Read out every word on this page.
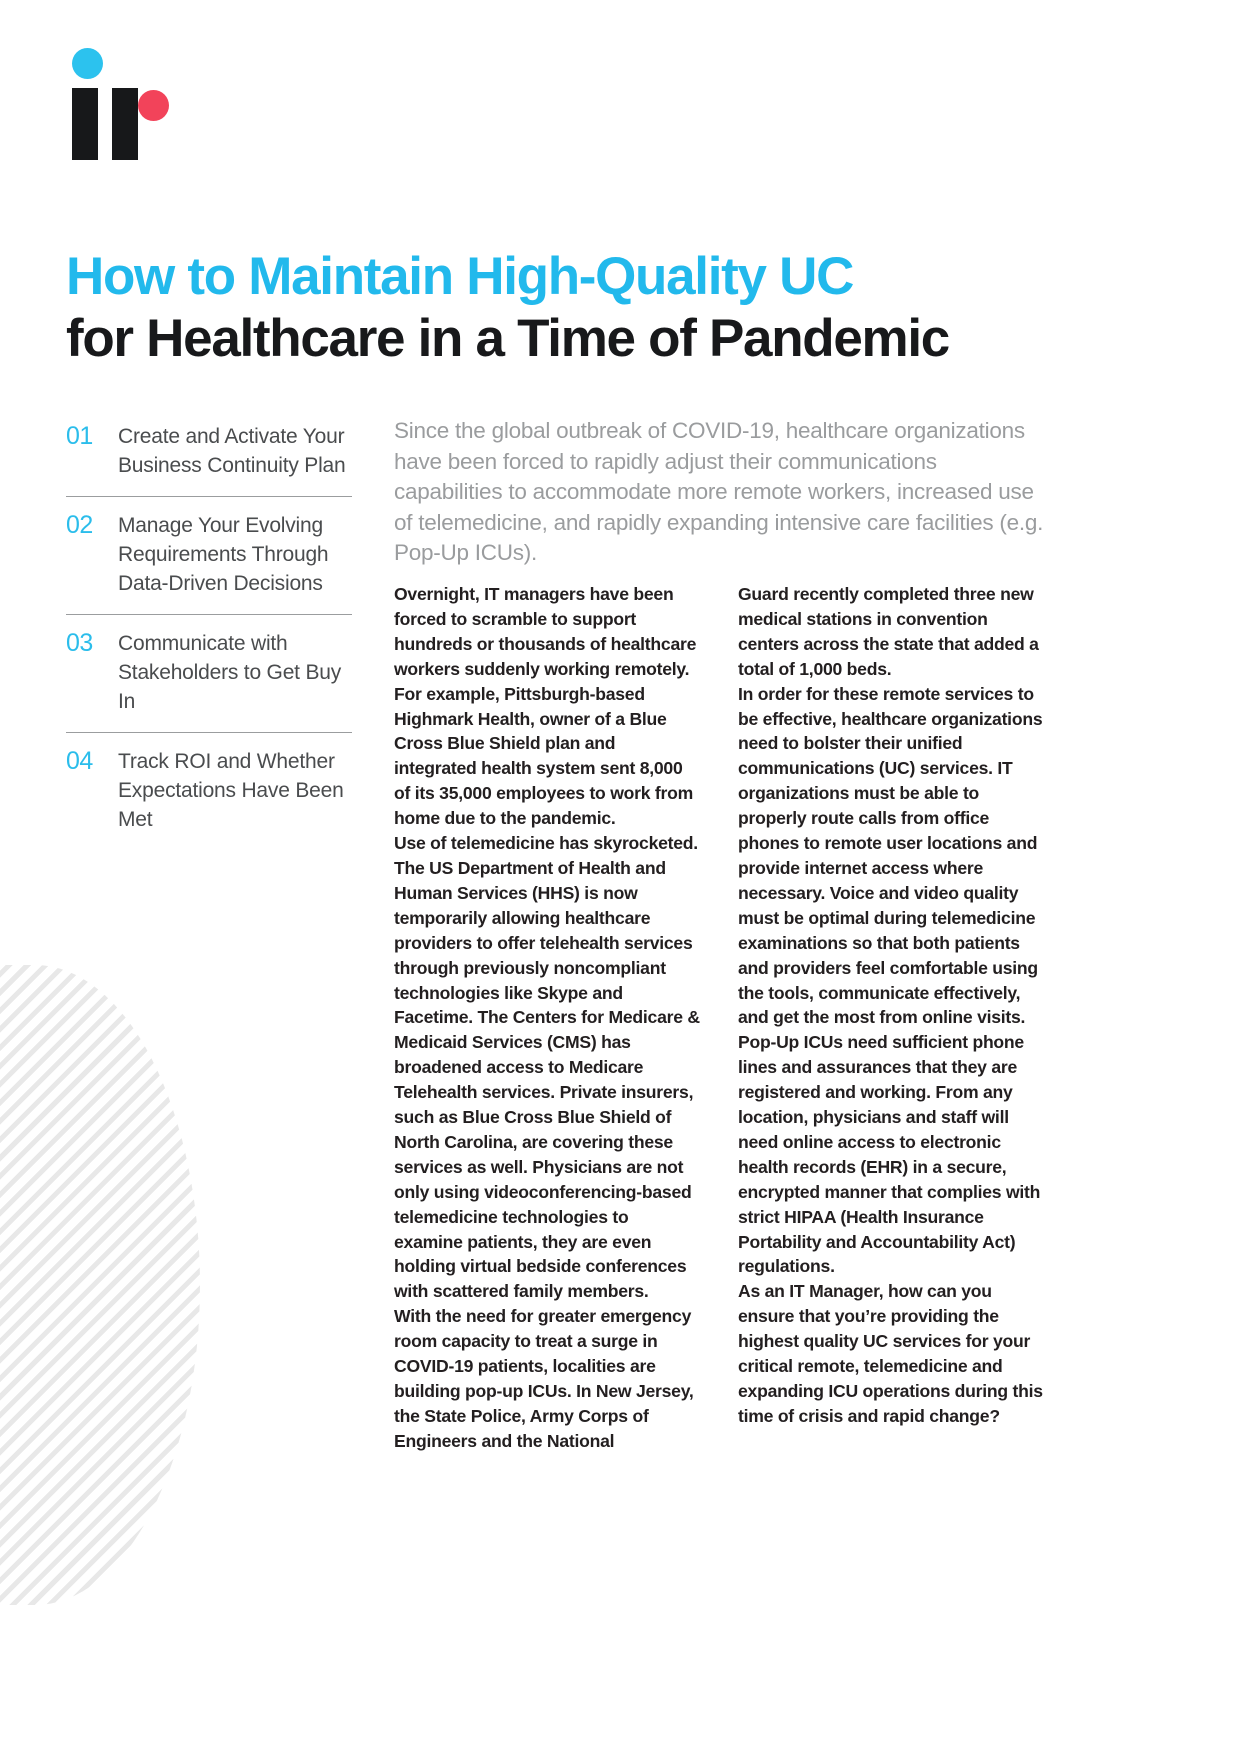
How to Maintain High-Quality UC
for Healthcare in a Time of Pandemic
01	Create and Activate Your Business Continuity Plan
02	Manage Your Evolving Requirements Through Data-Driven Decisions
03	Communicate with Stakeholders to Get Buy In
04	Track ROI and Whether Expectations Have Been Met
Since the global outbreak of COVID-19, healthcare organizations have been forced to rapidly adjust their communications capabilities to accommodate more remote workers, increased use of telemedicine, and rapidly expanding intensive care facilities (e.g. Pop-Up ICUs).

Overnight, IT managers have been forced to scramble to support hundreds or thousands of healthcare workers suddenly working remotely. For example, Pittsburgh-based Highmark Health, owner of a Blue Cross Blue Shield plan and integrated health system sent 8,000 of its 35,000 employees to work from home due to the pandemic.

Use of telemedicine has skyrocketed. The US Department of Health and Human Services (HHS) is now temporarily allowing healthcare providers to offer telehealth services through previously noncompliant technologies like Skype and Facetime. The Centers for Medicare & Medicaid Services (CMS) has broadened access to Medicare Telehealth services. Private insurers, such as Blue Cross Blue Shield of North Carolina, are covering these services as well. Physicians are not only using videoconferencing-based telemedicine technologies to examine patients, they are even holding virtual bedside conferences with scattered family members.

With the need for greater emergency room capacity to treat a surge in COVID-19 patients, localities are building pop-up ICUs. In New Jersey, the State Police, Army Corps of Engineers and the National

Guard recently completed three new medical stations in convention centers across the state that added a total of 1,000 beds.

In order for these remote services to be effective, healthcare organizations need to bolster their unified communications (UC) services. IT organizations must be able to properly route calls from office phones to remote user locations and provide internet access where necessary. Voice and video quality must be optimal during telemedicine examinations so that both patients and providers feel comfortable using the tools, communicate effectively, and get the most from online visits. Pop-Up ICUs need sufficient phone lines and assurances that they are registered and working. From any location, physicians and staff will need online access to electronic health records (EHR) in a secure, encrypted manner that complies with strict HIPAA (Health Insurance Portability and Accountability Act) regulations.

As an IT Manager, how can you ensure that you’re providing the highest quality UC services for your critical remote, telemedicine and expanding ICU operations during this time of crisis and rapid change?
